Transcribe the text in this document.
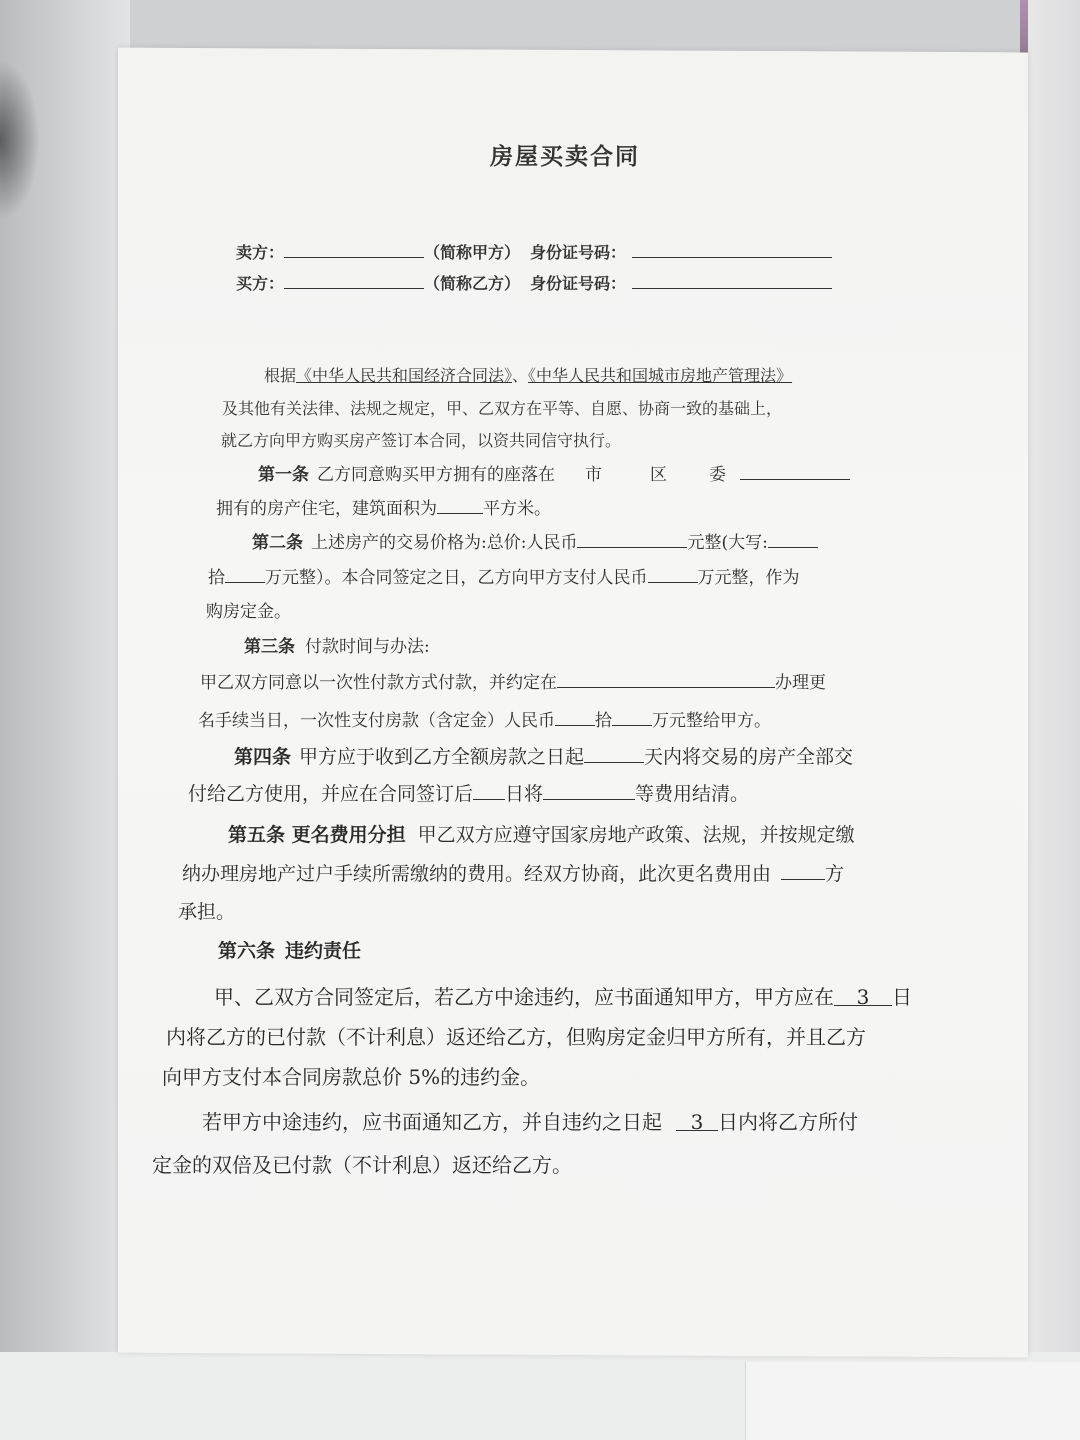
房屋买卖合同
卖方：	（简称甲方） 身份证号码：
买方：	（简称乙方） 身份证号码：
根据《中华人民共和国经济合同法》、《中华人民共和国城市房地产管理法》
及其他有关法律、法规之规定，甲、乙双方在平等、自愿、协商一致的基础上，
就乙方向甲方购买房产签订本合同，以资共同信守执行。
第一条 乙方同意购买甲方拥有的座落在 市	区 委
拥有的房产住宅，建筑面积为	平方米。
第二条 上述房产的交易价格为:总价:人民币	元整(大写:
拾 万元整）。本合同签定之日，乙方向甲方支付人民币	万元整，作为
购房定金。
第三条 付款时间与办法:
甲乙双方同意以一次性付款方式付款，并约定在	办理更
名手续当日，一次性支付房款（含定金）人民币 拾 万元整给甲方。
第四条 甲方应于收到乙方全额房款之日起	天内将交易的房产全部交
付给乙方使用，并应在合同签订后 日将	等费用结清。
第五条 更名费用分担 甲乙双方应遵守国家房地产政策、法规，并按规定缴
纳办理房地产过户手续所需缴纳的费用。经双方协商，此次更名费用由	方
承担。
第六条 违约责任
甲、乙双方合同签定后，若乙方中途违约，应书面通知甲方，甲方应在 3 日
内将乙方的已付款（不计利息）返还给乙方，但购房定金归甲方所有，并且乙方
向甲方支付本合同房款总价 5%的违约金。
若甲方中途违约，应书面通知乙方，并自违约之日起 3 日内将乙方所付
定金的双倍及已付款（不计利息）返还给乙方。
